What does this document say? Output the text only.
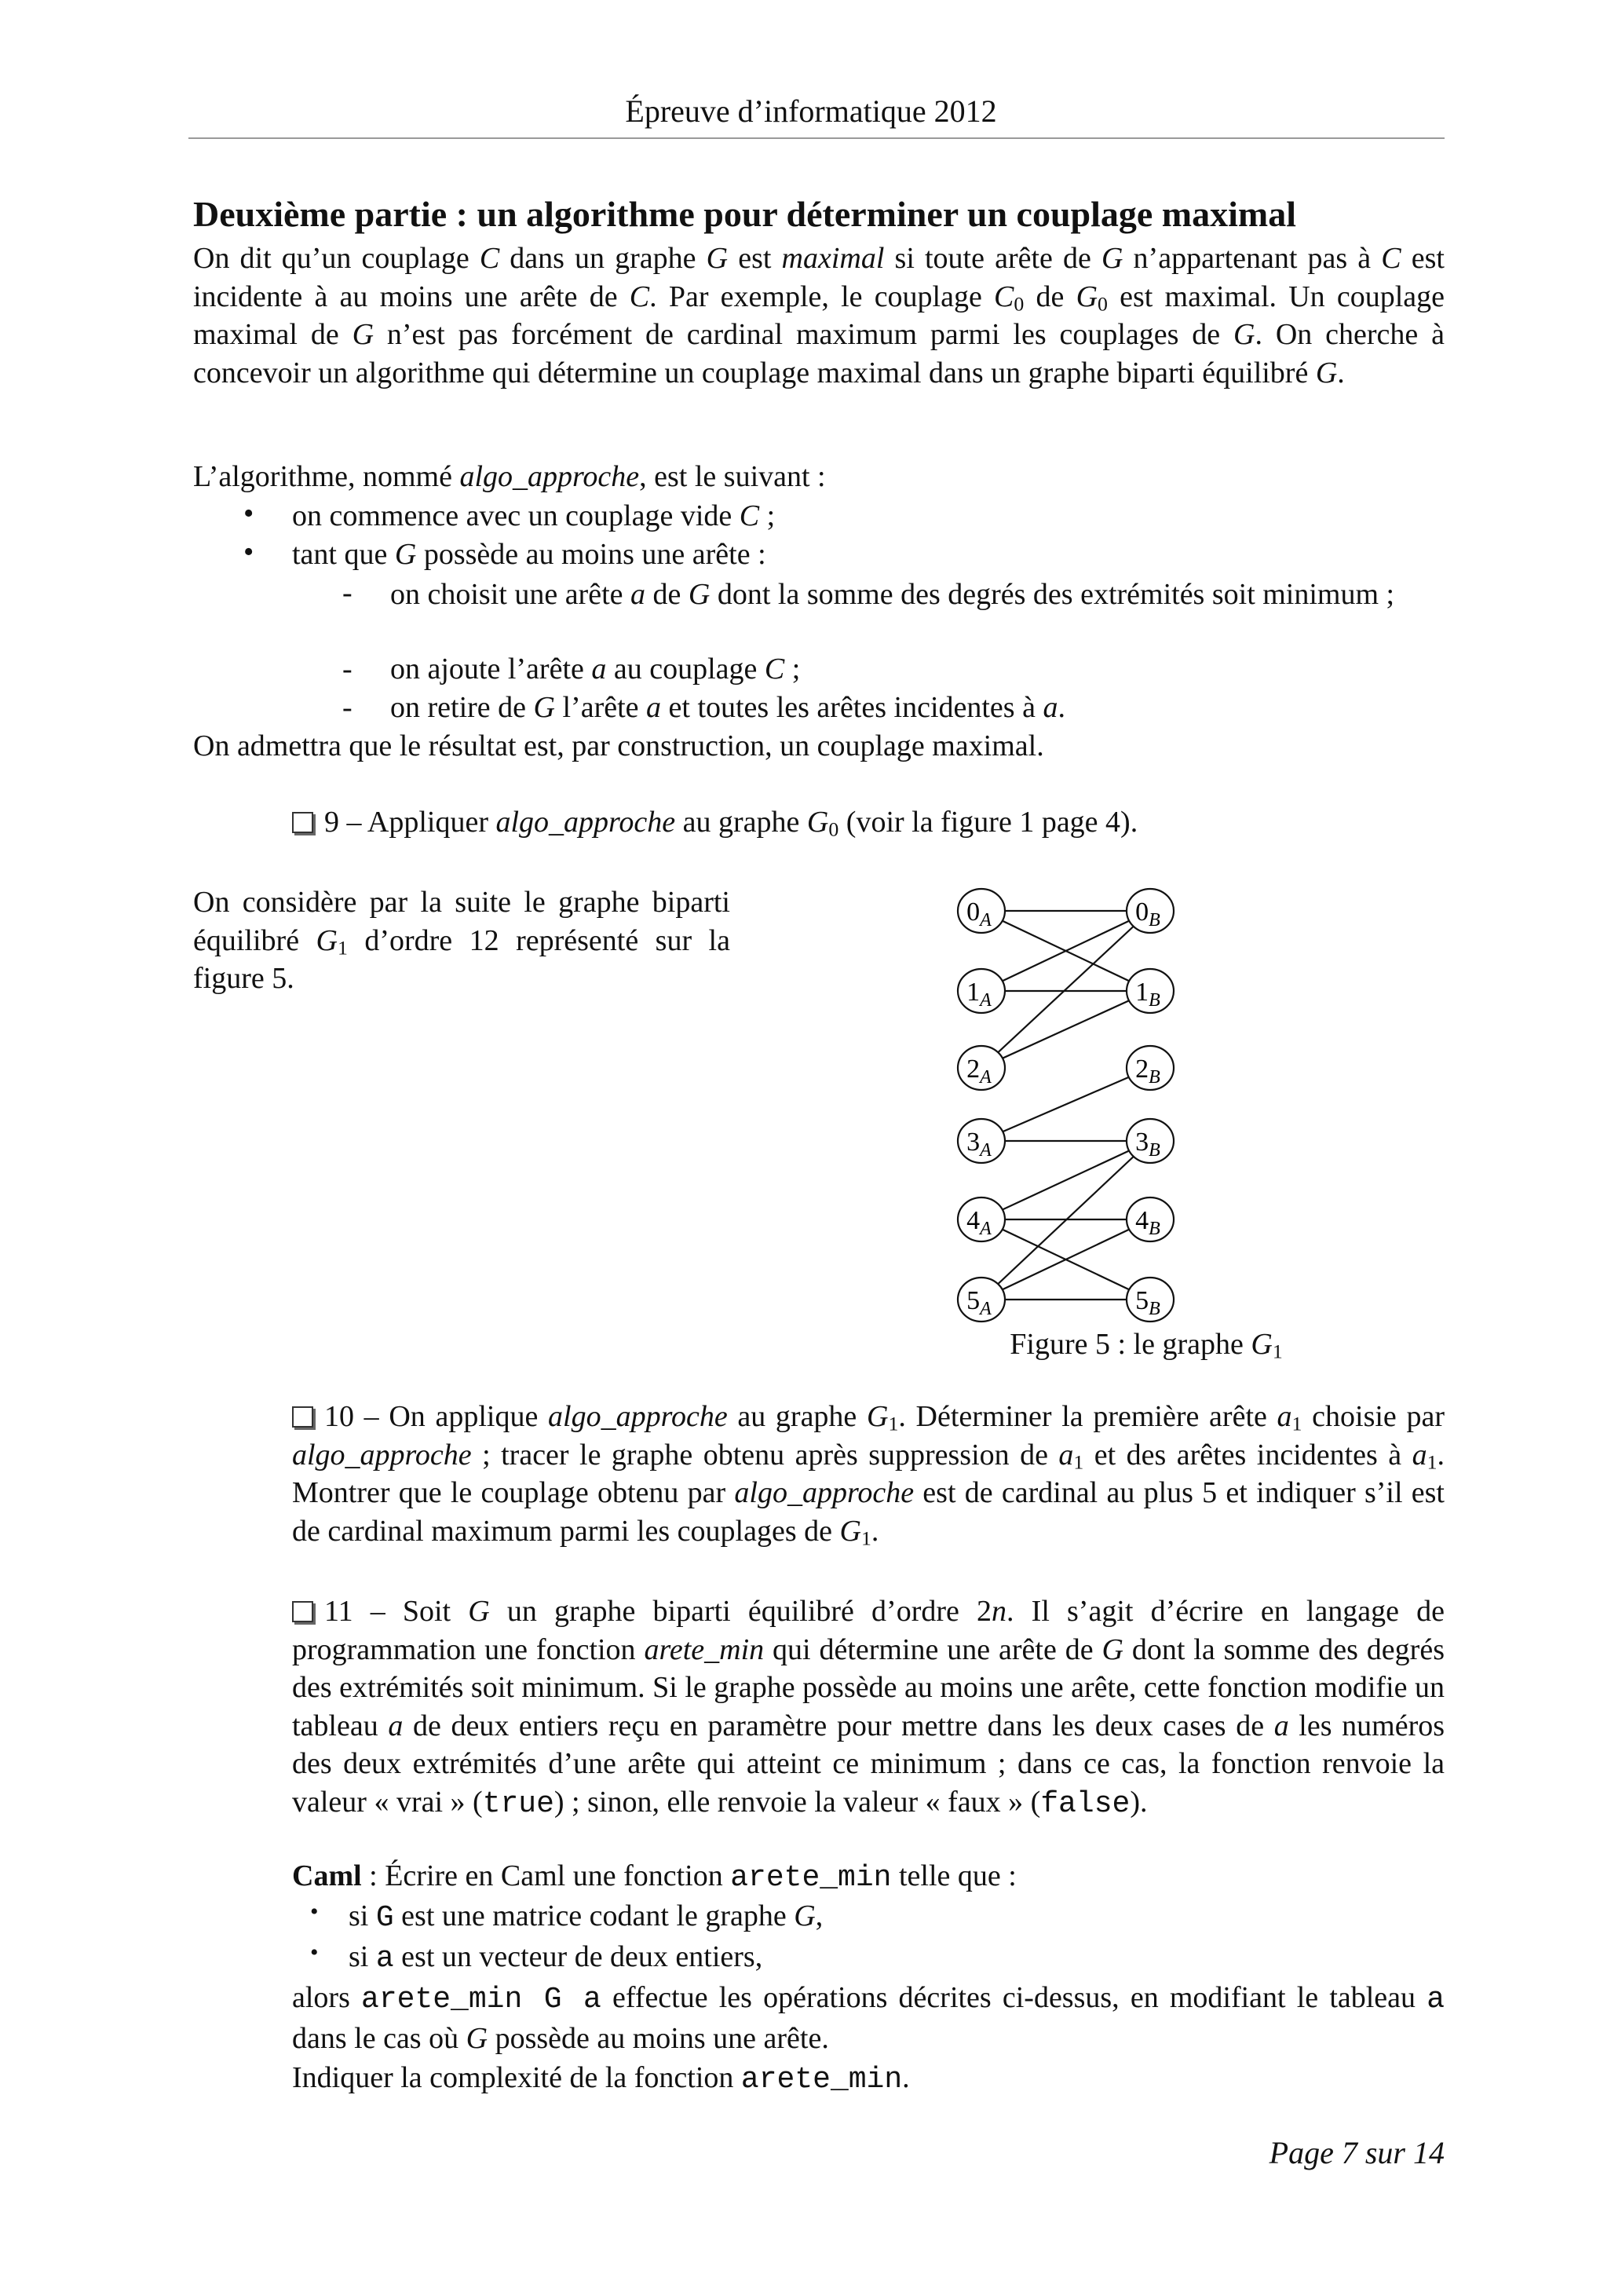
Épreuve d’informatique 2012
Deuxième partie : un algorithme pour déterminer un couplage maximal
On dit qu’un couplage C dans un graphe G est maximal si toute arête de G n’appartenant pas à C est incidente à au moins une arête de C. Par exemple, le couplage $C_0$ de $G_0$ est maximal. Un couplage maximal de G n’est pas forcément de cardinal maximum parmi les couplages de G. On cherche à concevoir un algorithme qui détermine un couplage maximal dans un graphe biparti équilibré G.
L’algorithme, nommé algo_approche, est le suivant :
• on commence avec un couplage vide C ;
• tant que G possède au moins une arête :
- on choisit une arête a de G dont la somme des degrés des extrémités soit minimum ;
- on ajoute l’arête a au couplage C ;
- on retire de G l’arête a et toutes les arêtes incidentes à a.
On admettra que le résultat est, par construction, un couplage maximal.
9 – Appliquer algo_approche au graphe $G_0$ (voir la figure 1 page 4).
On considère par la suite le graphe biparti équilibré $G_1$ d’ordre 12 représenté sur la figure 5.
$0_A$
$1_A$
$2_A$
$3_A$
$4_A$
$5_A$
$0_B$
$1_B$
$2_B$
$3_B$
$4_B$
$5_B$
Figure 5 : le graphe $G_1$
10 – On applique algo_approche au graphe $G_1$. Déterminer la première arête $a_1$ choisie par algo_approche ; tracer le graphe obtenu après suppression de $a_1$ et des arêtes incidentes à $a_1$. Montrer que le couplage obtenu par algo_approche est de cardinal au plus 5 et indiquer s’il est de cardinal maximum parmi les couplages de $G_1$.
11 – Soit G un graphe biparti équilibré d’ordre 2n. Il s’agit d’écrire en langage de programmation une fonction arete_min qui détermine une arête de G dont la somme des degrés des extrémités soit minimum. Si le graphe possède au moins une arête, cette fonction modifie un tableau a de deux entiers reçu en paramètre pour mettre dans les deux cases de a les numéros des deux extrémités d’une arête qui atteint ce minimum ; dans ce cas, la fonction renvoie la valeur « vrai » (true) ; sinon, elle renvoie la valeur « faux » (false).
Caml : Écrire en Caml une fonction arete_min telle que :
• si G est une matrice codant le graphe G,
• si a est un vecteur de deux entiers,
alors arete_min G a effectue les opérations décrites ci-dessus, en modifiant le tableau a dans le cas où G possède au moins une arête.
Indiquer la complexité de la fonction arete_min.
Page 7 sur 14
